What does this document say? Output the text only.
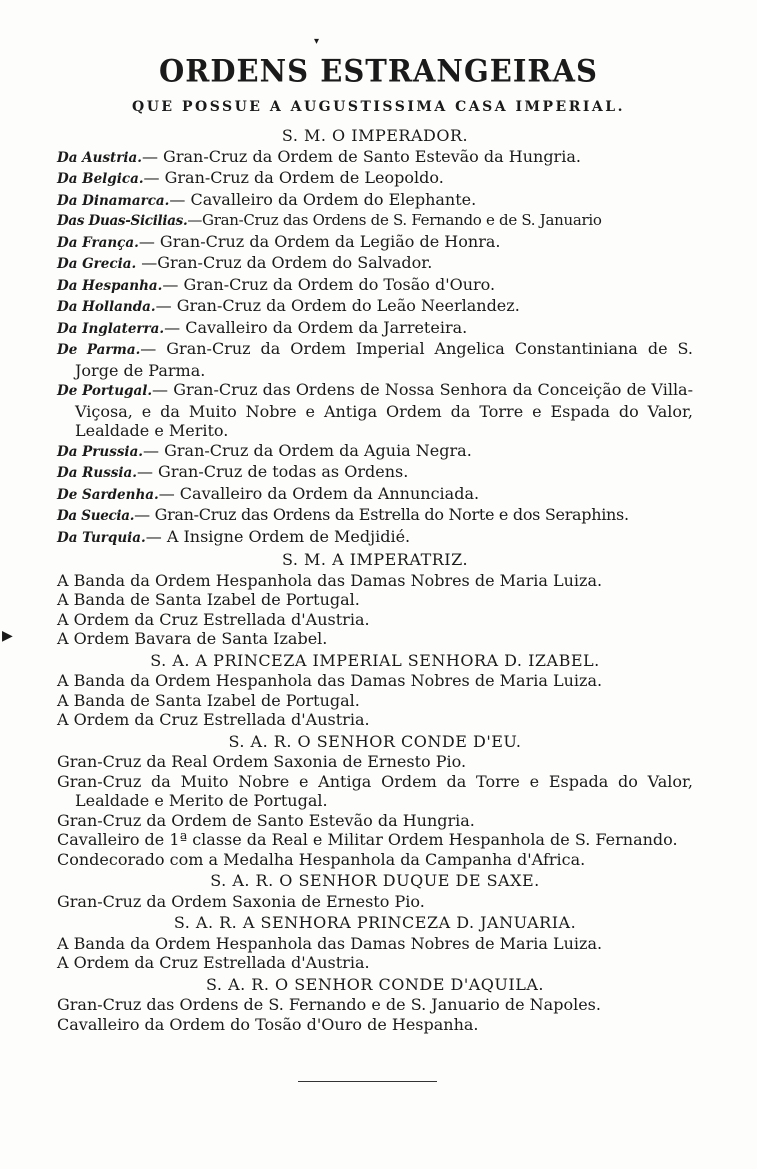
▾
ORDENS ESTRANGEIRAS
QUE POSSUE A AUGUSTISSIMA CASA IMPERIAL.
S. M. O IMPERADOR.
Da Austria.— Gran-Cruz da Ordem de Santo Estevão da Hungria.
Da Belgica.— Gran-Cruz da Ordem de Leopoldo.
Da Dinamarca.— Cavalleiro da Ordem do Elephante.
Das Duas-Sicilias.—Gran-Cruz das Ordens de S. Fernando e de S. Januario
Da França.— Gran-Cruz da Ordem da Legião de Honra.
Da Grecia. —Gran-Cruz da Ordem do Salvador.
Da Hespanha.— Gran-Cruz da Ordem do Tosão d'Ouro.
Da Hollanda.— Gran-Cruz da Ordem do Leão Neerlandez.
Da Inglaterra.— Cavalleiro da Ordem da Jarreteira.
De Parma.— Gran-Cruz da Ordem Imperial Angelica Constantiniana de S. Jorge de Parma.
De Portugal.— Gran-Cruz das Ordens de Nossa Senhora da Conceição de Villa-Viçosa, e da Muito Nobre e Antiga Ordem da Torre e Espada do Valor, Lealdade e Merito.
Da Prussia.— Gran-Cruz da Ordem da Aguia Negra.
Da Russia.— Gran-Cruz de todas as Ordens.
De Sardenha.— Cavalleiro da Ordem da Annunciada.
Da Suecia.— Gran-Cruz das Ordens da Estrella do Norte e dos Seraphins.
Da Turquia.— A Insigne Ordem de Medjidié.
S. M. A IMPERATRIZ.
A Banda da Ordem Hespanhola das Damas Nobres de Maria Luiza.
A Banda de Santa Izabel de Portugal.
A Ordem da Cruz Estrellada d'Austria.
A Ordem Bavara de Santa Izabel.
S. A. A PRINCEZA IMPERIAL SENHORA D. IZABEL.
A Banda da Ordem Hespanhola das Damas Nobres de Maria Luiza.
A Banda de Santa Izabel de Portugal.
A Ordem da Cruz Estrellada d'Austria.
S. A. R. O SENHOR CONDE D'EU.
Gran-Cruz da Real Ordem Saxonia de Ernesto Pio.
Gran-Cruz da Muito Nobre e Antiga Ordem da Torre e Espada do Valor, Lealdade e Merito de Portugal.
Gran-Cruz da Ordem de Santo Estevão da Hungria.
Cavalleiro de 1ª classe da Real e Militar Ordem Hespanhola de S. Fernando.
Condecorado com a Medalha Hespanhola da Campanha d'Africa.
S. A. R. O SENHOR DUQUE DE SAXE.
Gran-Cruz da Ordem Saxonia de Ernesto Pio.
S. A. R. A SENHORA PRINCEZA D. JANUARIA.
A Banda da Ordem Hespanhola das Damas Nobres de Maria Luiza.
A Ordem da Cruz Estrellada d'Austria.
S. A. R. O SENHOR CONDE D'AQUILA.
Gran-Cruz das Ordens de S. Fernando e de S. Januario de Napoles.
Cavalleiro da Ordem do Tosão d'Ouro de Hespanha.
▶
